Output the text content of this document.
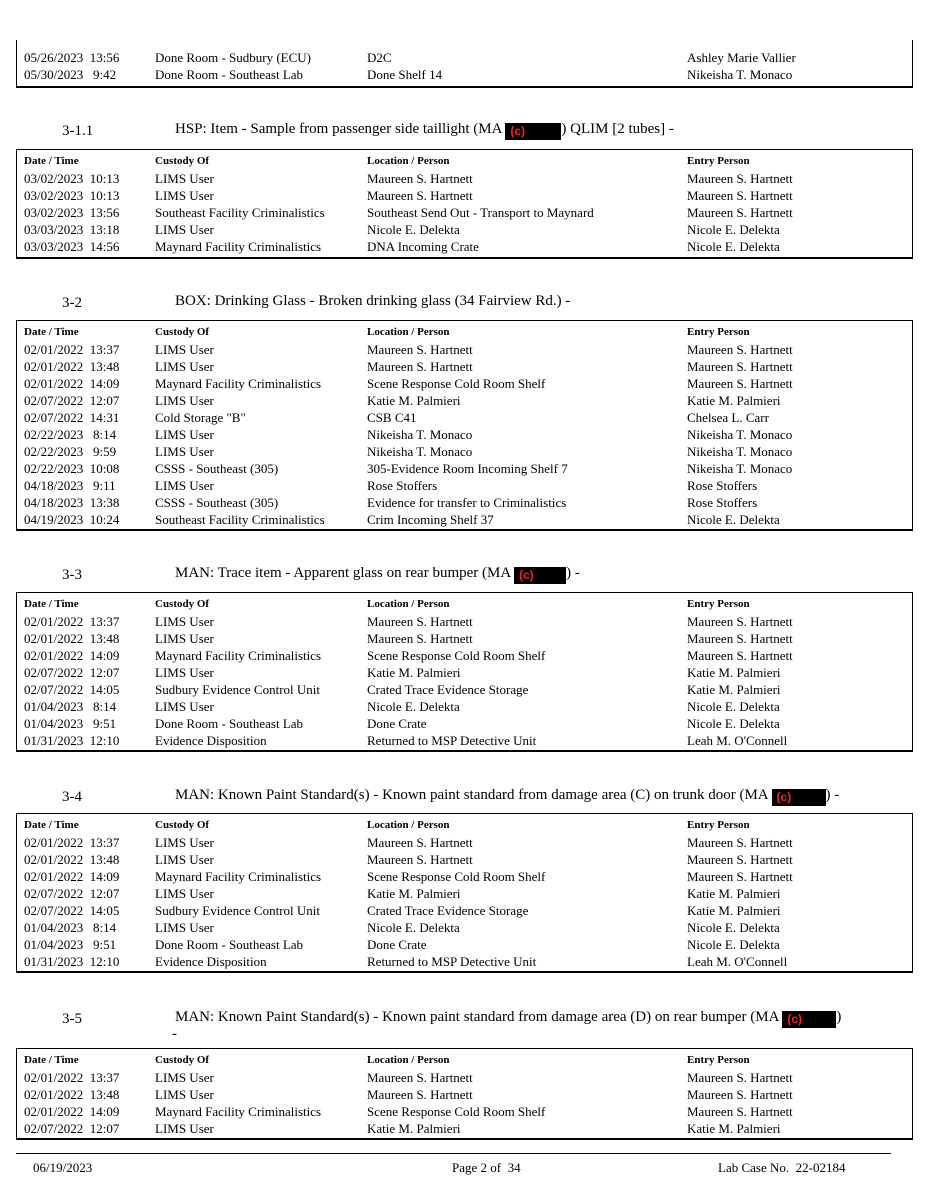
05/26/2023  13:56	Done Room - Sudbury (ECU)	D2C	Ashley Marie Vallier
05/30/2023   9:42	Done Room - Southeast Lab	Done Shelf 14	Nikeisha T. Monaco
3-1.1	HSP: Item - Sample from passenger side taillight (MA (c) ) QLIM [2 tubes] -
3-2	BOX: Drinking Glass - Broken drinking glass (34 Fairview Rd.) -
3-3	MAN: Trace item - Apparent glass on rear bumper (MA (c) ) -
3-4	MAN: Known Paint Standard(s) - Known paint standard from damage area (C) on trunk door (MA (c) ) -
3-5	MAN: Known Paint Standard(s) - Known paint standard from damage area (D) on rear bumper (MA (c) )
-
Date / Time	Custody Of	Location / Person	Entry Person
03/02/2023  10:13	LIMS User	Maureen S. Hartnett	Maureen S. Hartnett
03/02/2023  10:13	LIMS User	Maureen S. Hartnett	Maureen S. Hartnett
03/02/2023  13:56	Southeast Facility Criminalistics	Southeast Send Out - Transport to Maynard	Maureen S. Hartnett
03/03/2023  13:18	LIMS User	Nicole E. Delekta	Nicole E. Delekta
03/03/2023  14:56	Maynard Facility Criminalistics	DNA Incoming Crate	Nicole E. Delekta
Date / Time	Custody Of	Location / Person	Entry Person
02/01/2022  13:37	LIMS User	Maureen S. Hartnett	Maureen S. Hartnett
02/01/2022  13:48	LIMS User	Maureen S. Hartnett	Maureen S. Hartnett
02/01/2022  14:09	Maynard Facility Criminalistics	Scene Response Cold Room Shelf	Maureen S. Hartnett
02/07/2022  12:07	LIMS User	Katie M. Palmieri	Katie M. Palmieri
02/07/2022  14:31	Cold Storage "B"	CSB C41	Chelsea L. Carr
02/22/2023   8:14	LIMS User	Nikeisha T. Monaco	Nikeisha T. Monaco
02/22/2023   9:59	LIMS User	Nikeisha T. Monaco	Nikeisha T. Monaco
02/22/2023  10:08	CSSS - Southeast (305)	305-Evidence Room Incoming Shelf 7	Nikeisha T. Monaco
04/18/2023   9:11	LIMS User	Rose Stoffers	Rose Stoffers
04/18/2023  13:38	CSSS - Southeast (305)	Evidence for transfer to Criminalistics	Rose Stoffers
04/19/2023  10:24	Southeast Facility Criminalistics	Crim Incoming Shelf 37	Nicole E. Delekta
Date / Time	Custody Of	Location / Person	Entry Person
02/01/2022  13:37	LIMS User	Maureen S. Hartnett	Maureen S. Hartnett
02/01/2022  13:48	LIMS User	Maureen S. Hartnett	Maureen S. Hartnett
02/01/2022  14:09	Maynard Facility Criminalistics	Scene Response Cold Room Shelf	Maureen S. Hartnett
02/07/2022  12:07	LIMS User	Katie M. Palmieri	Katie M. Palmieri
02/07/2022  14:05	Sudbury Evidence Control Unit	Crated Trace Evidence Storage	Katie M. Palmieri
01/04/2023   8:14	LIMS User	Nicole E. Delekta	Nicole E. Delekta
01/04/2023   9:51	Done Room - Southeast Lab	Done Crate	Nicole E. Delekta
01/31/2023  12:10	Evidence Disposition	Returned to MSP Detective Unit	Leah M. O'Connell
Date / Time	Custody Of	Location / Person	Entry Person
02/01/2022  13:37	LIMS User	Maureen S. Hartnett	Maureen S. Hartnett
02/01/2022  13:48	LIMS User	Maureen S. Hartnett	Maureen S. Hartnett
02/01/2022  14:09	Maynard Facility Criminalistics	Scene Response Cold Room Shelf	Maureen S. Hartnett
02/07/2022  12:07	LIMS User	Katie M. Palmieri	Katie M. Palmieri
02/07/2022  14:05	Sudbury Evidence Control Unit	Crated Trace Evidence Storage	Katie M. Palmieri
01/04/2023   8:14	LIMS User	Nicole E. Delekta	Nicole E. Delekta
01/04/2023   9:51	Done Room - Southeast Lab	Done Crate	Nicole E. Delekta
01/31/2023  12:10	Evidence Disposition	Returned to MSP Detective Unit	Leah M. O'Connell
Date / Time	Custody Of	Location / Person	Entry Person
02/01/2022  13:37	LIMS User	Maureen S. Hartnett	Maureen S. Hartnett
02/01/2022  13:48	LIMS User	Maureen S. Hartnett	Maureen S. Hartnett
02/01/2022  14:09	Maynard Facility Criminalistics	Scene Response Cold Room Shelf	Maureen S. Hartnett
02/07/2022  12:07	LIMS User	Katie M. Palmieri	Katie M. Palmieri
06/19/2023	Page 2 of  34	Lab Case No.  22-02184
